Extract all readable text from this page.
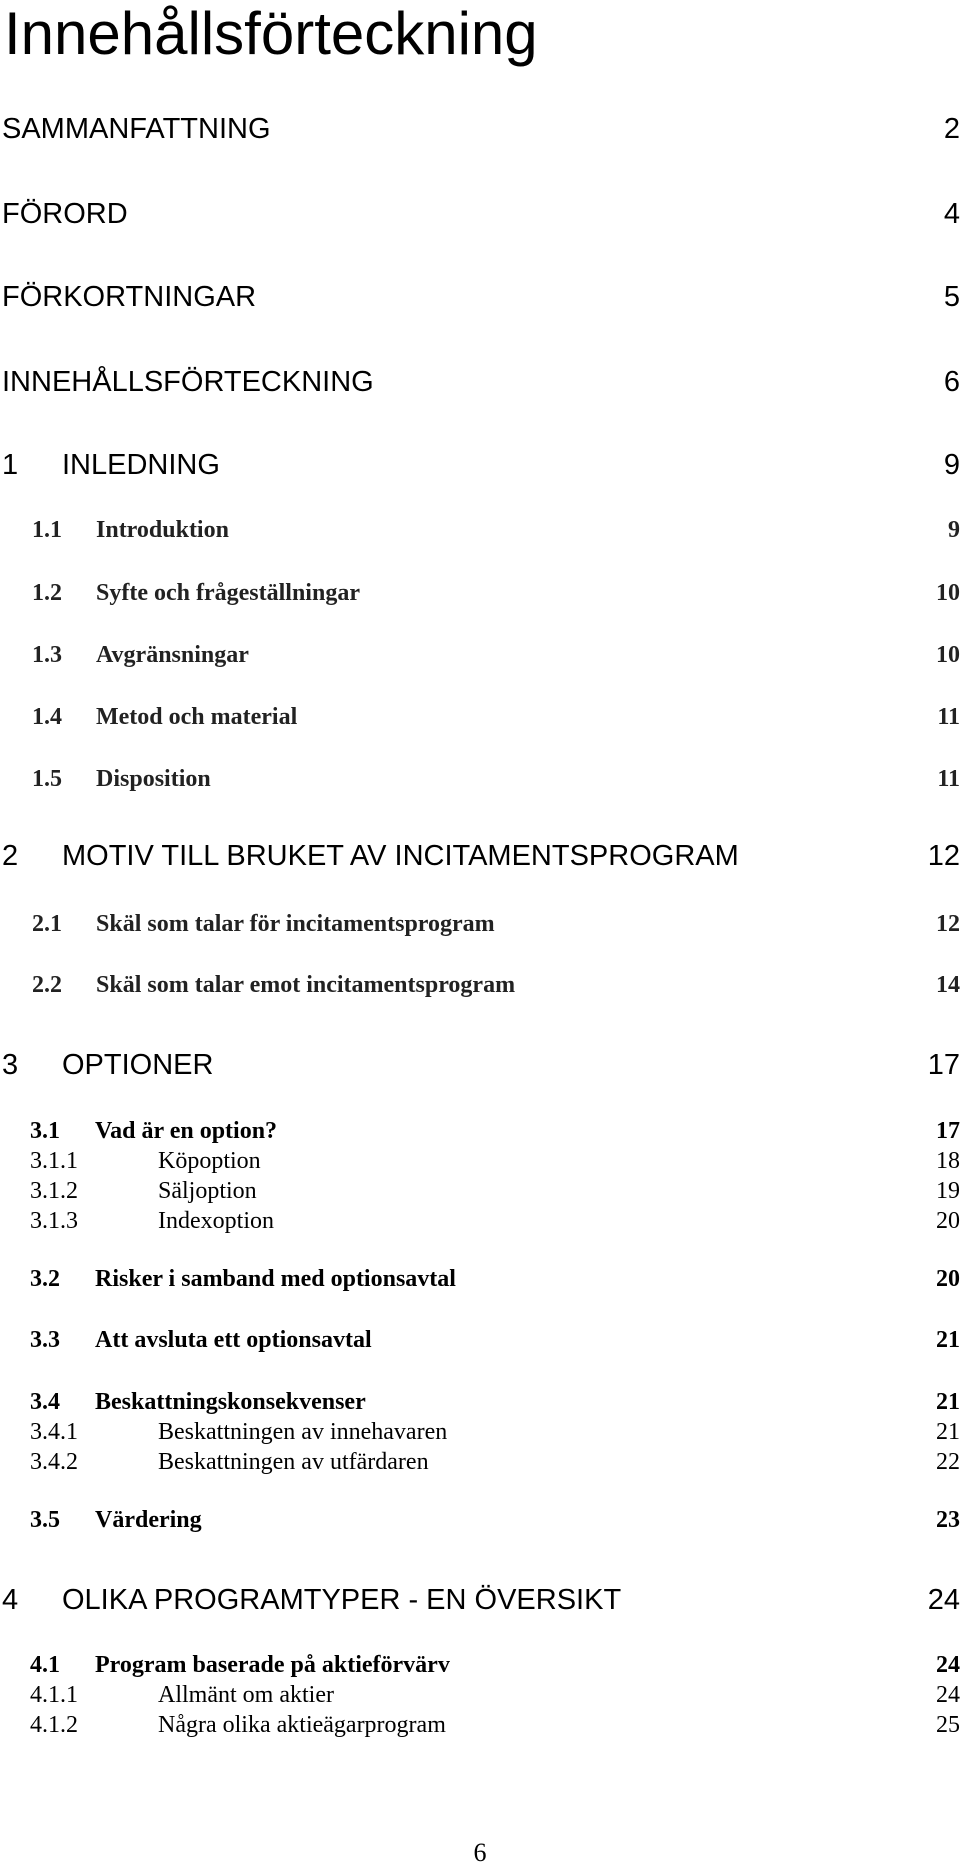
Innehållsförteckning
SAMMANFATTNING	2
FÖRORD	4
FÖRKORTNINGAR	5
INNEHÅLLSFÖRTECKNING	6
1 INLEDNING	9
1.1 Introduktion	9
1.2 Syfte och frågeställningar	10
1.3 Avgränsningar	10
1.4 Metod och material	11
1.5 Disposition	11
2 MOTIV TILL BRUKET AV INCITAMENTSPROGRAM	12
2.1 Skäl som talar för incitamentsprogram	12
2.2 Skäl som talar emot incitamentsprogram	14
3 OPTIONER	17
3.1 Vad är en option?	17
3.1.1	Köpoption	18
3.1.2	Säljoption	19
3.1.3	Indexoption	20
3.2 Risker i samband med optionsavtal	20
3.3 Att avsluta ett optionsavtal	21
3.4 Beskattningskonsekvenser	21
3.4.1	Beskattningen av innehavaren	21
3.4.2	Beskattningen av utfärdaren	22
3.5 Värdering	23
4 OLIKA PROGRAMTYPER - EN ÖVERSIKT	24
4.1 Program baserade på aktieförvärv	24
4.1.1	Allmänt om aktier	24
4.1.2	Några olika aktieägarprogram	25
6
